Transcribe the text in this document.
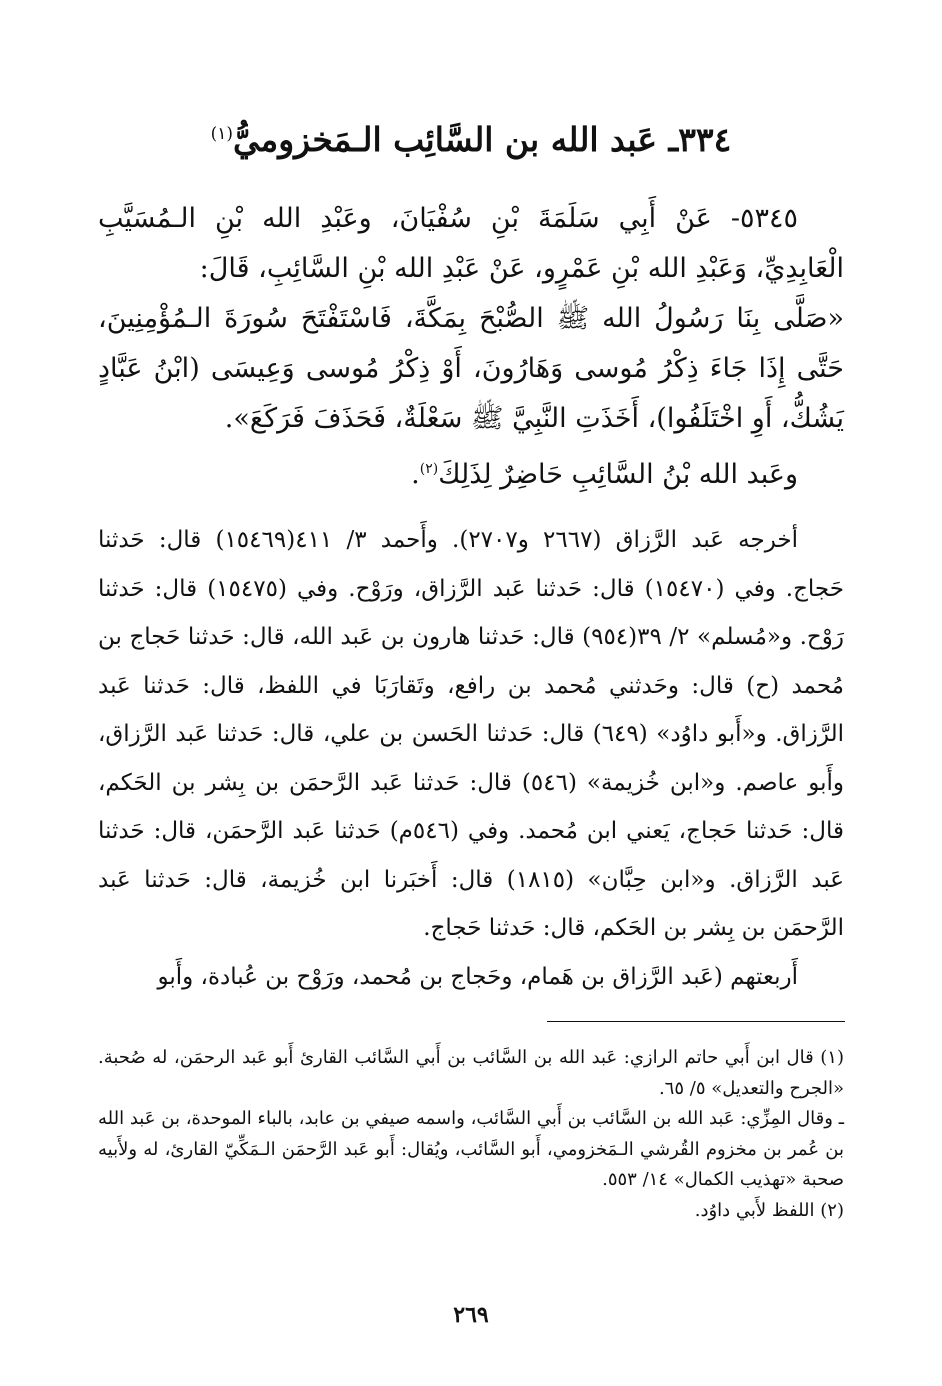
٣٣٤ـ عَبد الله بن السَّائِب الـمَخزوميُّ$^{(١)}$

٥٣٤٥- عَنْ أَبِي سَلَمَةَ بْنِ سُفْيَانَ، وعَبْدِ الله بْنِ الـمُسَيَّبِ الْعَابِدِيِّ، وَعَبْدِ الله بْنِ عَمْرٍو، عَنْ عَبْدِ الله بْنِ السَّائِبِ، قَالَ:

«صَلَّى بِنَا رَسُولُ الله ﷺ الصُّبْحَ بِمَكَّةَ، فَاسْتَفْتَحَ سُورَةَ الـمُؤْمِنِينَ، حَتَّى إِذَا جَاءَ ذِكْرُ مُوسى وَهَارُونَ، أَوْ ذِكْرُ مُوسى وَعِيسَى (ابْنُ عَبَّادٍ يَشُكُّ، أَوِ اخْتَلَفُوا)، أَخَذَتِ النَّبِيَّ ﷺ سَعْلَةٌ، فَحَذَفَ فَرَكَعَ».

وعَبد الله بْنُ السَّائِبِ حَاضِرٌ لِذَلِكَ$^{(٢)}$.

أخرجه عَبد الرَّزاق (٢٦٦٧ و٢٧٠٧). وأَحمد ٣/ ٤١١(١٥٤٦٩) قال: حَدثنا حَجاج. وفي (١٥٤٧٠) قال: حَدثنا عَبد الرَّزاق، ورَوْح. وفي (١٥٤٧٥) قال: حَدثنا رَوْح. و«مُسلم» ٢/ ٣٩(٩٥٤) قال: حَدثنا هارون بن عَبد الله، قال: حَدثنا حَجاج بن مُحمد (ح) قال: وحَدثني مُحمد بن رافع، وتَقارَبَا في اللفظ، قال: حَدثنا عَبد الرَّزاق. و«أَبو داوُد» (٦٤٩) قال: حَدثنا الحَسن بن علي، قال: حَدثنا عَبد الرَّزاق، وأَبو عاصم. و«ابن خُزيمة» (٥٤٦) قال: حَدثنا عَبد الرَّحمَن بن بِشر بن الحَكم، قال: حَدثنا حَجاج، يَعني ابن مُحمد. وفي (٥٤٦م) حَدثنا عَبد الرَّحمَن، قال: حَدثنا عَبد الرَّزاق. و«ابن حِبَّان» (١٨١٥) قال: أَخبَرنا ابن خُزيمة، قال: حَدثنا عَبد الرَّحمَن بن بِشر بن الحَكم، قال: حَدثنا حَجاج.

أَربعتهم (عَبد الرَّزاق بن هَمام، وحَجاج بن مُحمد، ورَوْح بن عُبادة، وأَبو

(١) قال ابن أَبي حاتم الرازي: عَبد الله بن السَّائب بن أَبي السَّائب القارئ أَبو عَبد الرحمَن، له صُحبة. «الجرح والتعديل» ٥/ ٦٥.

ـ وقال المِزِّي: عَبد الله بن السَّائب بن أَبي السَّائب، واسمه صيفي بن عابد، بالباء الموحدة، بن عَبد الله بن عُمر بن مخزوم القُرشي الـمَخزومي، أَبو السَّائب، ويُقال: أَبو عَبد الرَّحمَن الـمَكِّيّ القارئ، له ولأَبيه صحبة «تهذيب الكمال» ١٤/ ٥٥٣.

(٢) اللفظ لأَبي داوُد.

٢٦٩
